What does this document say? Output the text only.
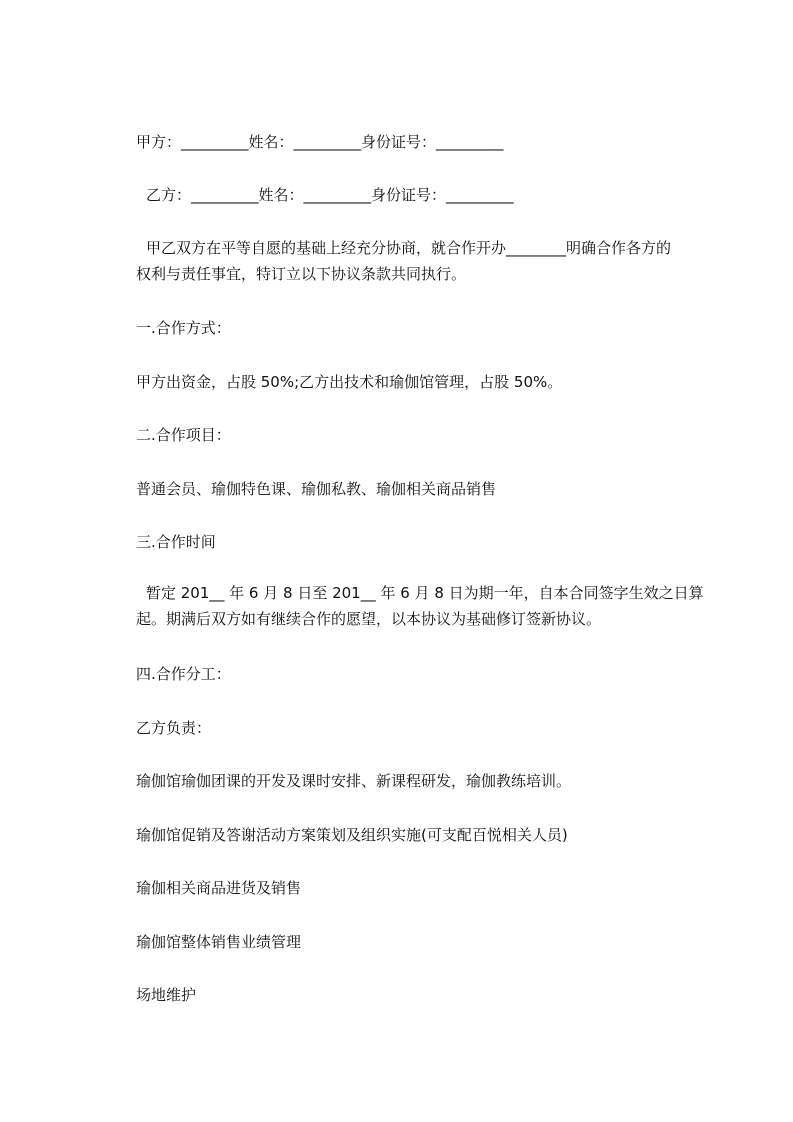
甲方：_________姓名：_________身份证号：_________
乙方：_________姓名：_________身份证号：_________
甲乙双方在平等自愿的基础上经充分协商，就合作开办________明确合作各方的
权利与责任事宜，特订立以下协议条款共同执行。
一.合作方式：
甲方出资金，占股 50%;乙方出技术和瑜伽馆管理，占股 50%。
二.合作项目：
普通会员、瑜伽特色课、瑜伽私教、瑜伽相关商品销售
三.合作时间
暂定 201__ 年 6 月 8 日至 201__ 年 6 月 8 日为期一年，自本合同签字生效之日算
起。期满后双方如有继续合作的愿望，以本协议为基础修订签新协议。
四.合作分工：
乙方负责：
瑜伽馆瑜伽团课的开发及课时安排、新课程研发，瑜伽教练培训。
瑜伽馆促销及答谢活动方案策划及组织实施(可支配百悦相关人员)
瑜伽相关商品进货及销售
瑜伽馆整体销售业绩管理
场地维护
